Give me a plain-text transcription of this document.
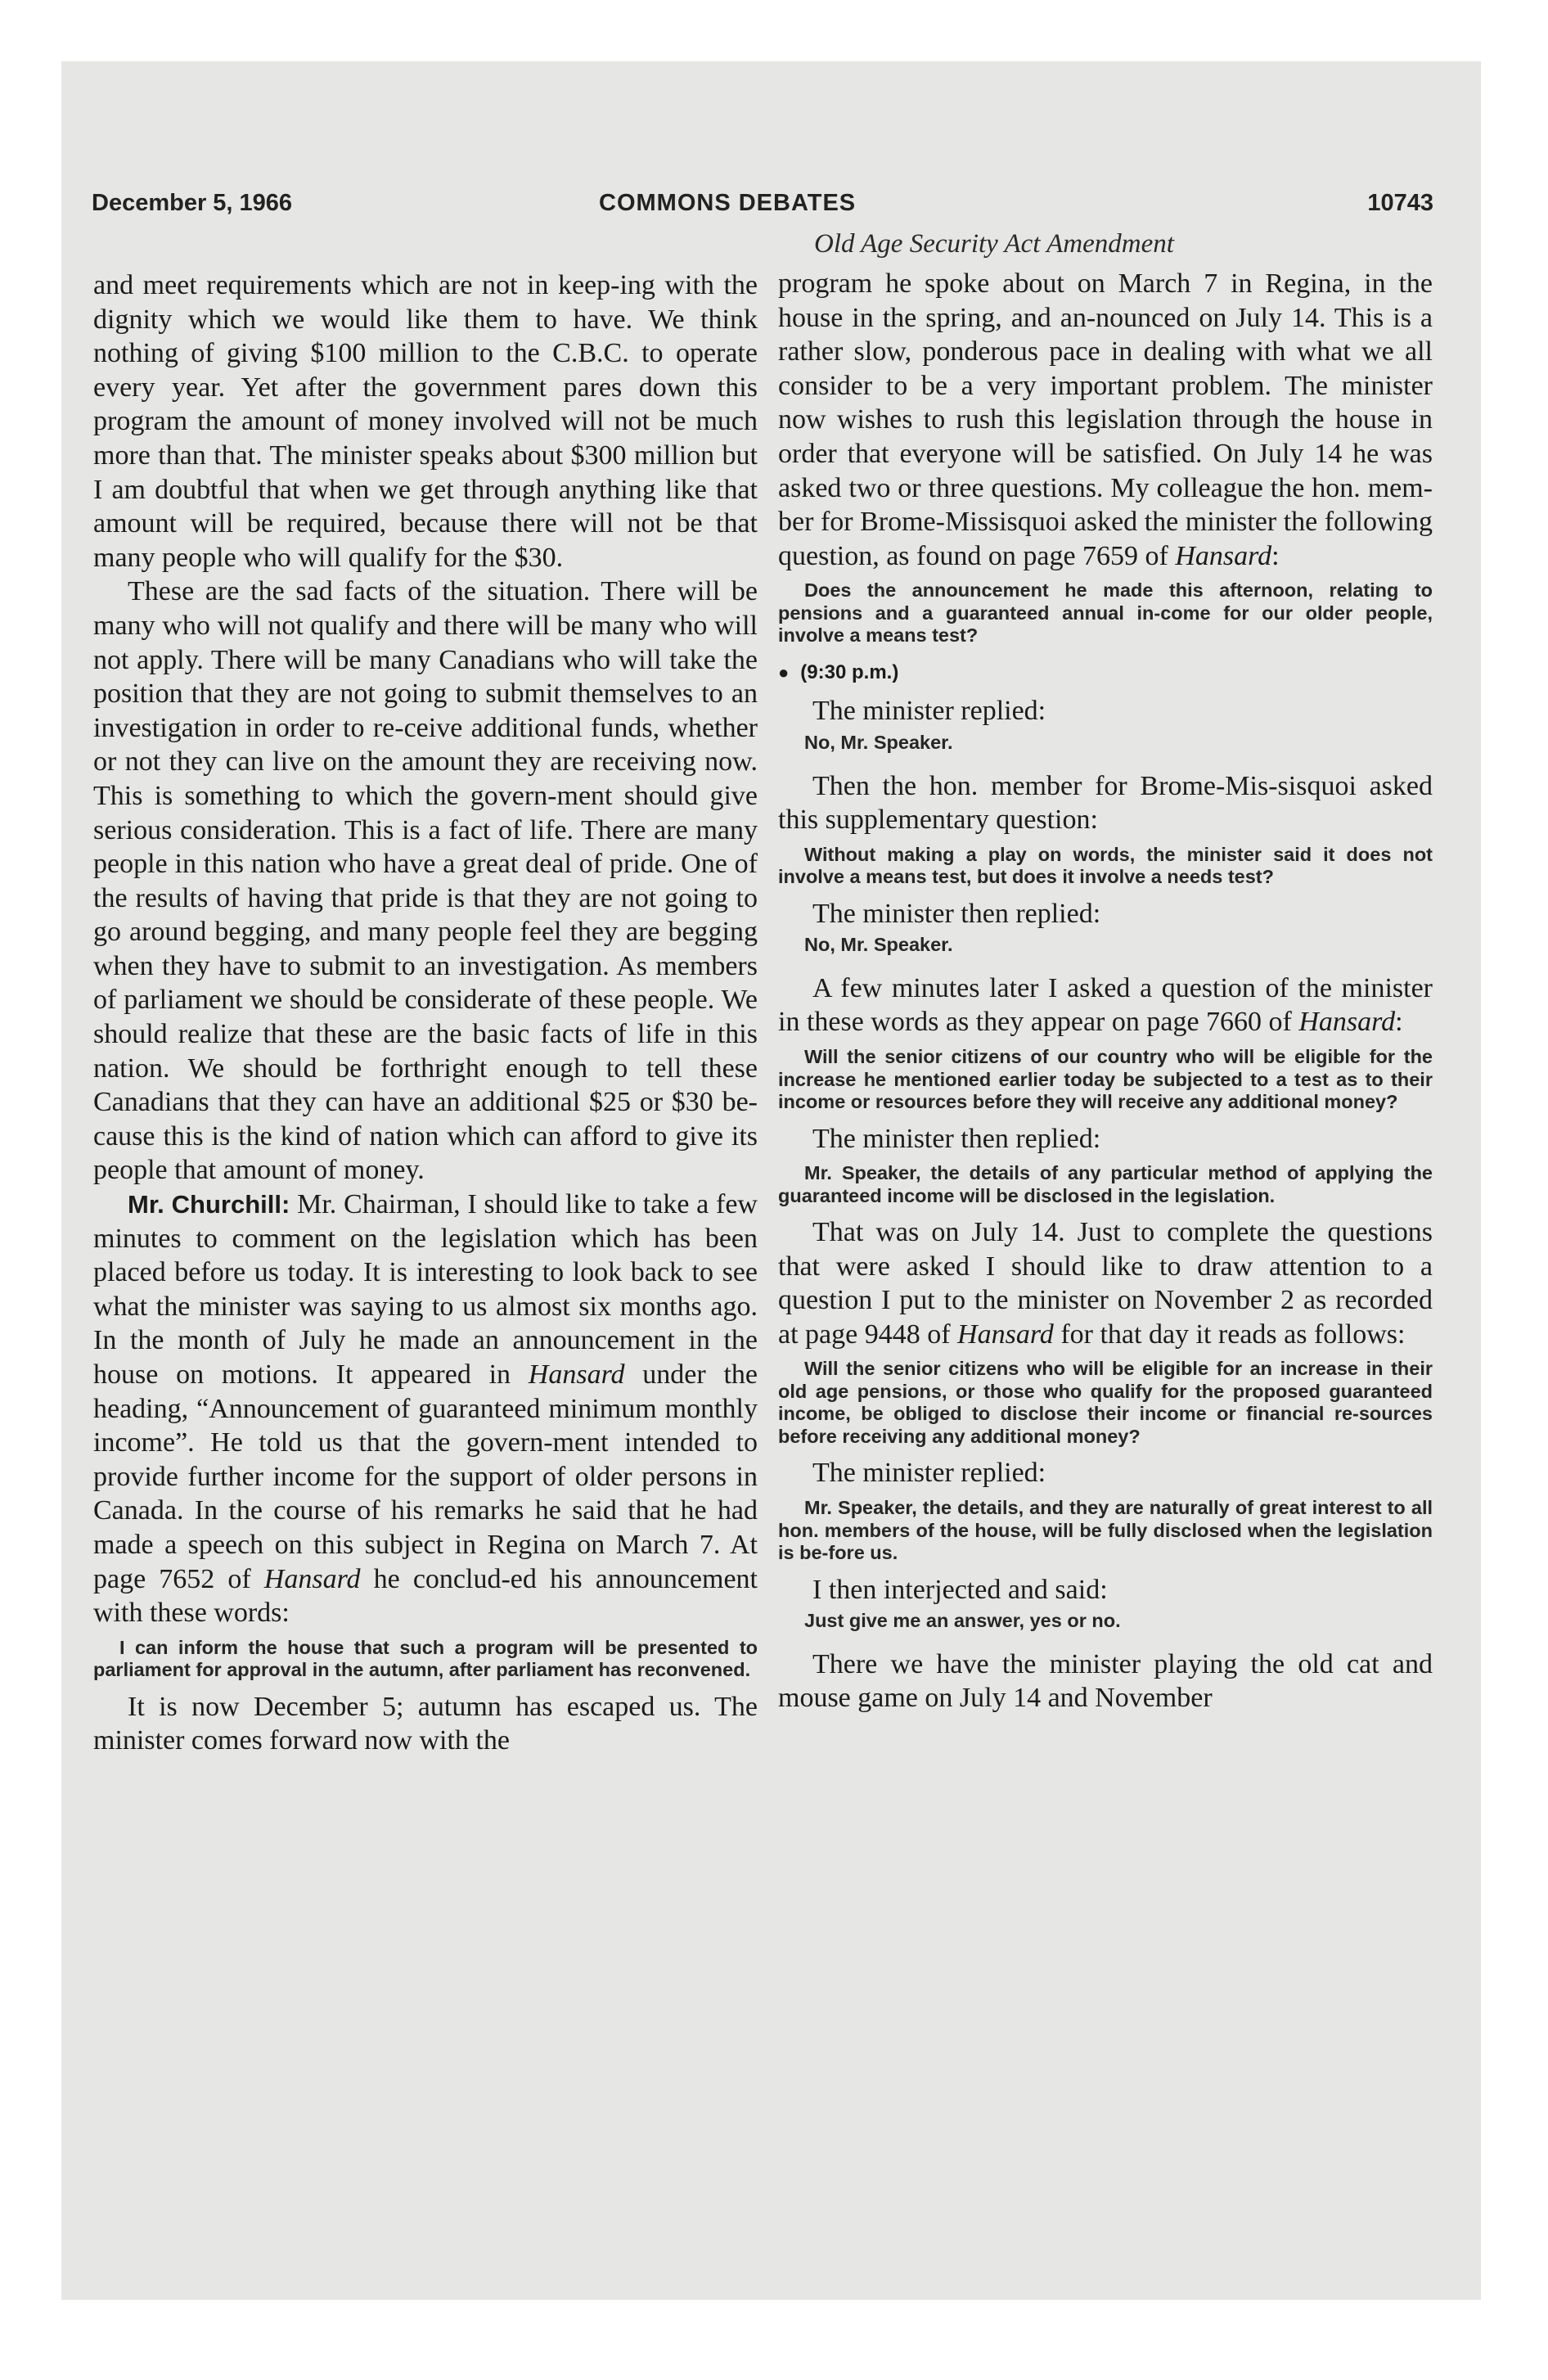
December 5, 1966	COMMONS DEBATES	10743
Old Age Security Act Amendment

and meet requirements which are not in keep-ing with the dignity which we would like them to have. We think nothing of giving $100 million to the C.B.C. to operate every year. Yet after the government pares down this program the amount of money involved will not be much more than that. The minister speaks about $300 million but I am doubtful that when we get through anything like that amount will be required, because there will not be that many people who will qualify for the $30.

These are the sad facts of the situation. There will be many who will not qualify and there will be many who will not apply. There will be many Canadians who will take the position that they are not going to submit themselves to an investigation in order to re-ceive additional funds, whether or not they can live on the amount they are receiving now. This is something to which the govern-ment should give serious consideration. This is a fact of life. There are many people in this nation who have a great deal of pride. One of the results of having that pride is that they are not going to go around begging, and many people feel they are begging when they have to submit to an investigation. As members of parliament we should be considerate of these people. We should realize that these are the basic facts of life in this nation. We should be forthright enough to tell these Canadians that they can have an additional $25 or $30 be-cause this is the kind of nation which can afford to give its people that amount of money.

Mr. Churchill: Mr. Chairman, I should like to take a few minutes to comment on the legislation which has been placed before us today. It is interesting to look back to see what the minister was saying to us almost six months ago. In the month of July he made an announcement in the house on motions. It appeared in Hansard under the heading, “Announcement of guaranteed minimum monthly income”. He told us that the govern-ment intended to provide further income for the support of older persons in Canada. In the course of his remarks he said that he had made a speech on this subject in Regina on March 7. At page 7652 of Hansard he conclud-ed his announcement with these words:

I can inform the house that such a program will be presented to parliament for approval in the autumn, after parliament has reconvened.

It is now December 5; autumn has escaped us. The minister comes forward now with the

program he spoke about on March 7 in Regina, in the house in the spring, and an-nounced on July 14. This is a rather slow, ponderous pace in dealing with what we all consider to be a very important problem. The minister now wishes to rush this legislation through the house in order that everyone will be satisfied. On July 14 he was asked two or three questions. My colleague the hon. mem-ber for Brome-Missisquoi asked the minister the following question, as found on page 7659 of Hansard:

Does the announcement he made this afternoon, relating to pensions and a guaranteed annual in-come for our older people, involve a means test?

● (9:30 p.m.)

The minister replied:

No, Mr. Speaker.

Then the hon. member for Brome-Mis-sisquoi asked this supplementary question:

Without making a play on words, the minister said it does not involve a means test, but does it involve a needs test?

The minister then replied:

No, Mr. Speaker.

A few minutes later I asked a question of the minister in these words as they appear on page 7660 of Hansard:

Will the senior citizens of our country who will be eligible for the increase he mentioned earlier today be subjected to a test as to their income or resources before they will receive any additional money?

The minister then replied:

Mr. Speaker, the details of any particular method of applying the guaranteed income will be disclosed in the legislation.

That was on July 14. Just to complete the questions that were asked I should like to draw attention to a question I put to the minister on November 2 as recorded at page 9448 of Hansard for that day it reads as follows:

Will the senior citizens who will be eligible for an increase in their old age pensions, or those who qualify for the proposed guaranteed income, be obliged to disclose their income or financial re-sources before receiving any additional money?

The minister replied:

Mr. Speaker, the details, and they are naturally of great interest to all hon. members of the house, will be fully disclosed when the legislation is be-fore us.

I then interjected and said:

Just give me an answer, yes or no.

There we have the minister playing the old cat and mouse game on July 14 and November
